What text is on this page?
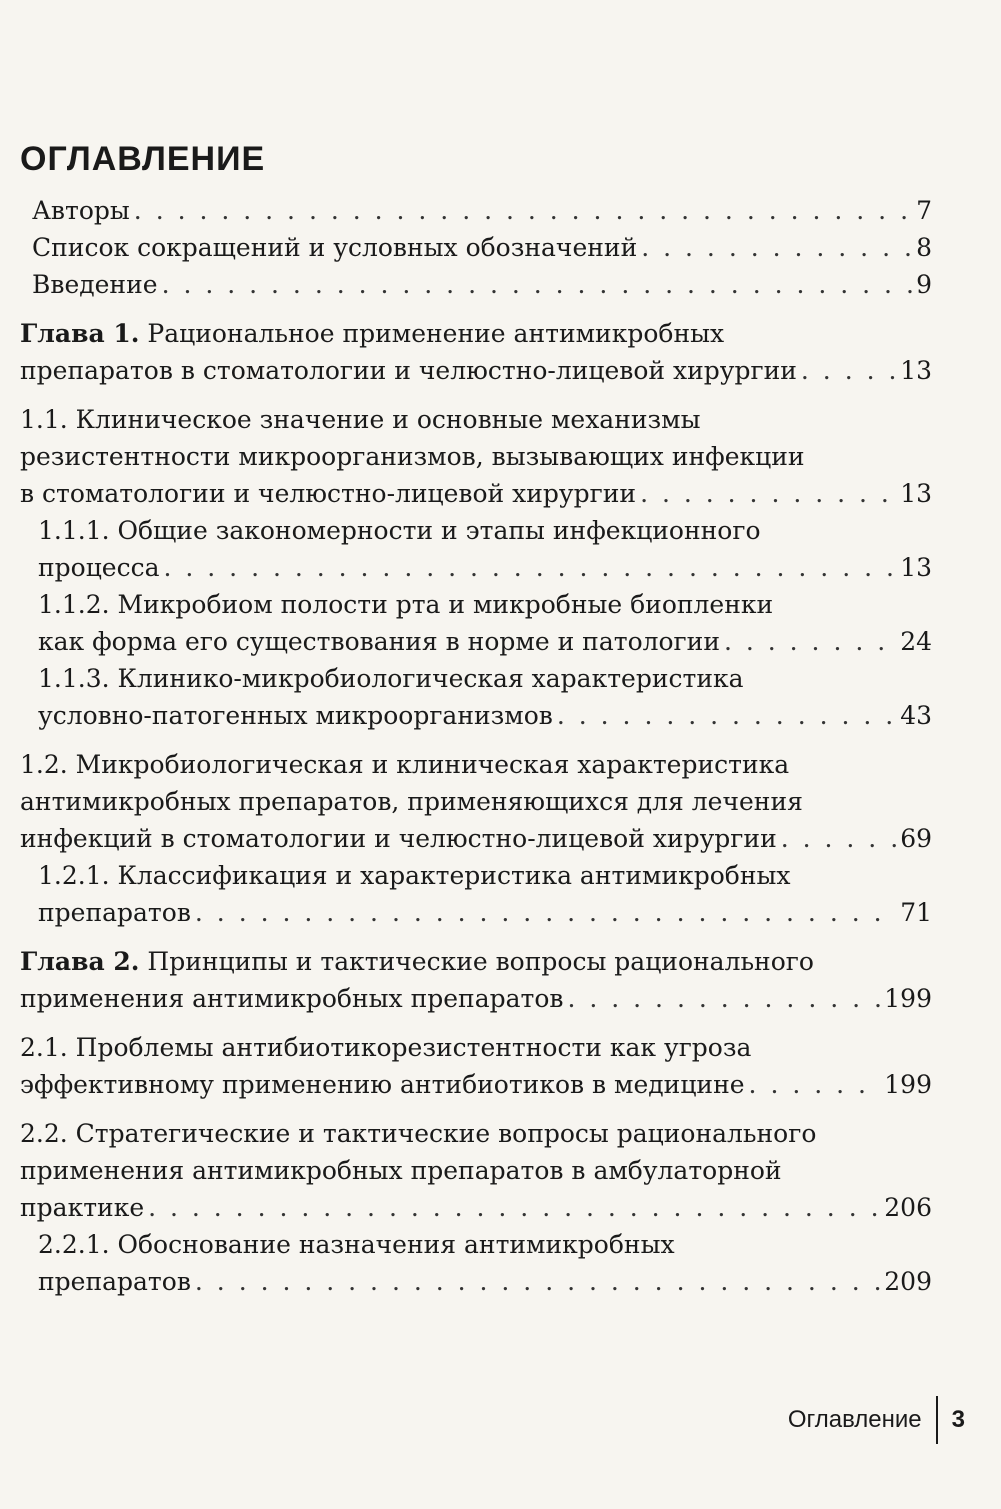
ОГЛАВЛЕНИЕ
Авторы . . .	7
Список сокращений и условных обозначений . . .	8
Введение . . .	9
Глава 1. Рациональное применение антимикробных
препаратов в стоматологии и челюстно-лицевой хирургии . . .	13
1.1. Клиническое значение и основные механизмы
резистентности микроорганизмов, вызывающих инфекции
в стоматологии и челюстно-лицевой хирургии . . .	13
1.1.1. Общие закономерности и этапы инфекционного
процесса . . .	13
1.1.2. Микробиом полости рта и микробные биопленки
как форма его существования в норме и патологии . . .	24
1.1.3. Клинико-микробиологическая характеристика
условно-патогенных микроорганизмов . . .	43
1.2. Микробиологическая и клиническая характеристика
антимикробных препаратов, применяющихся для лечения
инфекций в стоматологии и челюстно-лицевой хирургии . . .	69
1.2.1. Классификация и характеристика антимикробных
препаратов . . .	71
Глава 2. Принципы и тактические вопросы рационального
применения антимикробных препаратов . . .	199
2.1. Проблемы антибиотикорезистентности как угроза
эффективному применению антибиотиков в медицине . . .	199
2.2. Стратегические и тактические вопросы рационального
применения антимикробных препаратов в амбулаторной
практике . . .	206
2.2.1. Обоснование назначения антимикробных
препаратов . . .	209
Оглавление 3
